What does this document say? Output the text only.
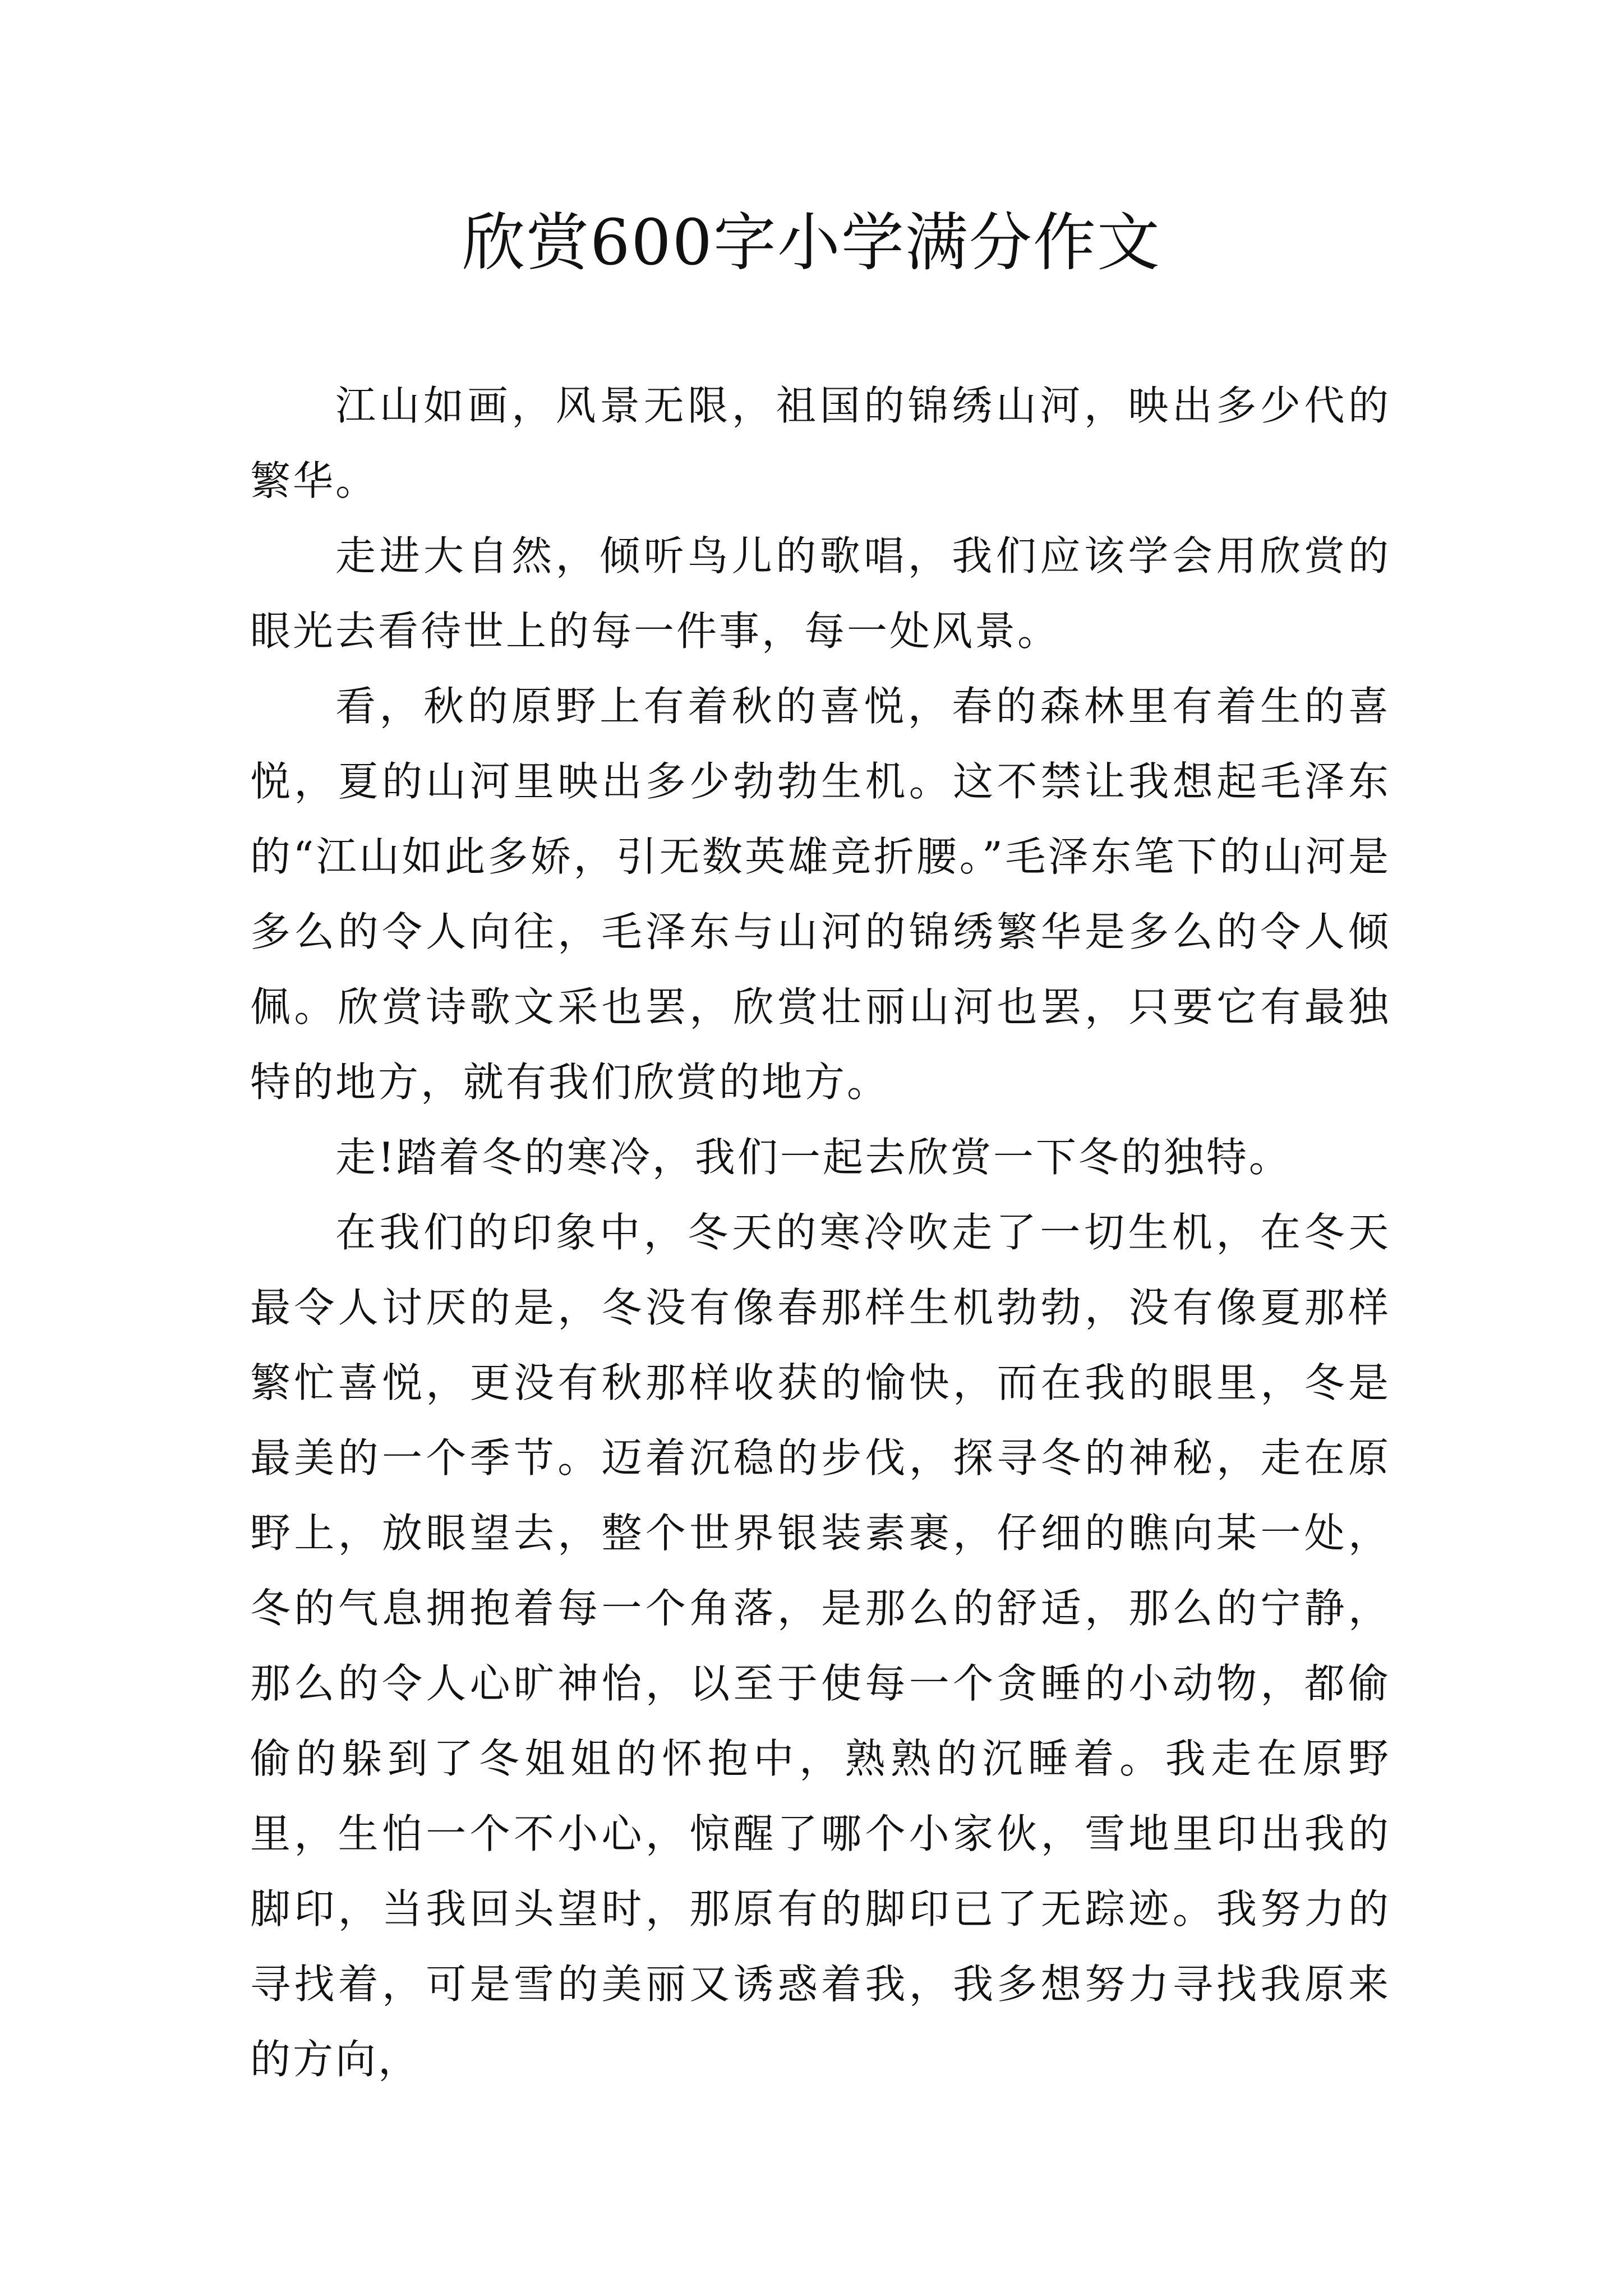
欣赏600字小学满分作文

江山如画，风景无限，祖国的锦绣山河，映出多少代的繁华。

走进大自然，倾听鸟儿的歌唱，我们应该学会用欣赏的眼光去看待世上的每一件事，每一处风景。

看，秋的原野上有着秋的喜悦，春的森林里有着生的喜悦，夏的山河里映出多少勃勃生机。这不禁让我想起毛泽东的“江山如此多娇，引无数英雄竞折腰。”毛泽东笔下的山河是多么的令人向往，毛泽东与山河的锦绣繁华是多么的令人倾佩。欣赏诗歌文采也罢，欣赏壮丽山河也罢，只要它有最独特的地方，就有我们欣赏的地方。

走!踏着冬的寒冷，我们一起去欣赏一下冬的独特。

在我们的印象中，冬天的寒冷吹走了一切生机，在冬天最令人讨厌的是，冬没有像春那样生机勃勃，没有像夏那样繁忙喜悦，更没有秋那样收获的愉快，而在我的眼里，冬是最美的一个季节。迈着沉稳的步伐，探寻冬的神秘，走在原野上，放眼望去，整个世界银装素裹，仔细的瞧向某一处，冬的气息拥抱着每一个角落，是那么的舒适，那么的宁静，那么的令人心旷神怡，以至于使每一个贪睡的小动物，都偷偷的躲到了冬姐姐的怀抱中，熟熟的沉睡着。我走在原野里，生怕一个不小心，惊醒了哪个小家伙，雪地里印出我的脚印，当我回头望时，那原有的脚印已了无踪迹。我努力的寻找着，可是雪的美丽又诱惑着我，我多想努力寻找我原来的方向，
